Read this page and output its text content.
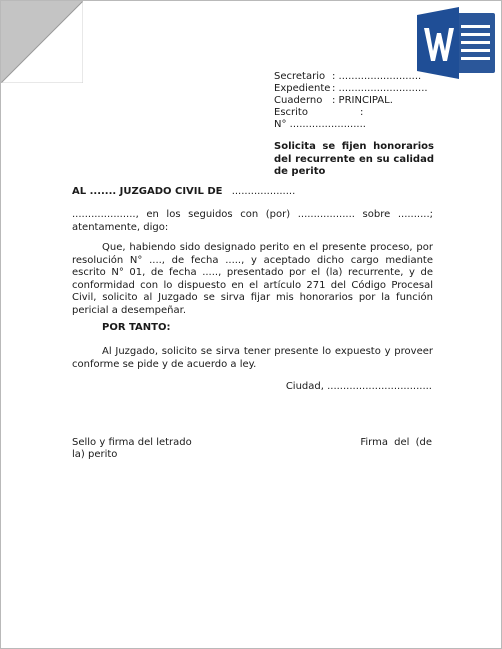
Secretario : ..........................
Expediente : ............................
Cuaderno : PRINCIPAL.
Escrito	:
N° ........................
Solicita se fijen honorarios del recurrente en su calidad de perito
AL ....... JUZGADO CIVIL DE ....................
...................., en los seguidos con (por) .................. sobre ..........; atentamente, digo:
Que, habiendo sido designado perito en el presente proceso, por resolución N° ...., de fecha ....., y aceptado dicho cargo mediante escrito N° 01, de fecha ....., presentado por el (la) recurrente, y de conformidad con lo dispuesto en el artículo 271 del Código Procesal Civil, solicito al Juzgado se sirva fijar mis honorarios por la función pericial a desempeñar.
POR TANTO:
Al Juzgado, solicito se sirva tener presente lo expuesto y proveer conforme se pide y de acuerdo a ley.
Ciudad, .................................
Sello y firma del letrado	Firma del (de
la) perito
